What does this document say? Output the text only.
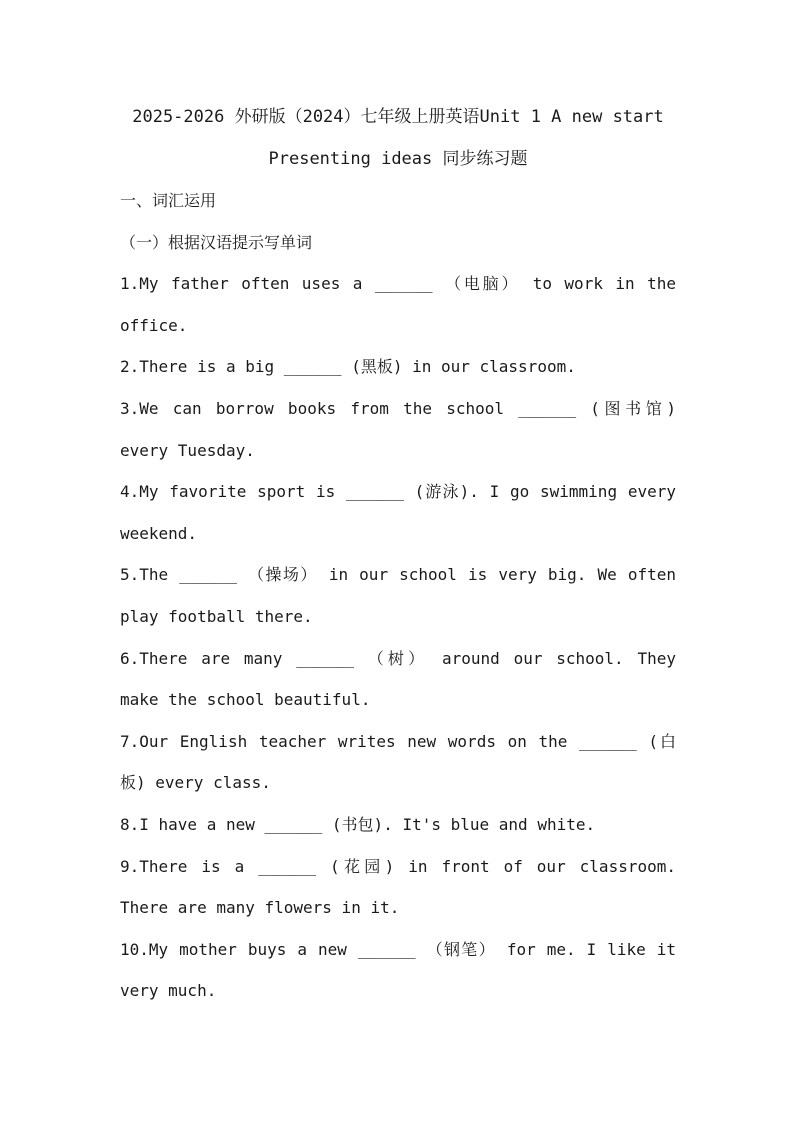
2025-2026 外研版（2024）七年级上册英语Unit 1 A new start

Presenting ideas 同步练习题

一、词汇运用

（一）根据汉语提示写单词

1.My father often uses a ______ （电脑） to work in the office.

2.There is a big ______ (黑板) in our classroom.

3.We can borrow books from the school ______ (图书馆) every Tuesday.

4.My favorite sport is ______ (游泳). I go swimming every weekend.

5.The ______ （操场） in our school is very big. We often play football there.

6.There are many ______ （树） around our school. They make the school beautiful.

7.Our English teacher writes new words on the ______ (白板) every class.

8.I have a new ______ (书包). It's blue and white.

9.There is a ______ (花园) in front of our classroom. There are many flowers in it.

10.My mother buys a new ______ （钢笔） for me. I like it very much.
